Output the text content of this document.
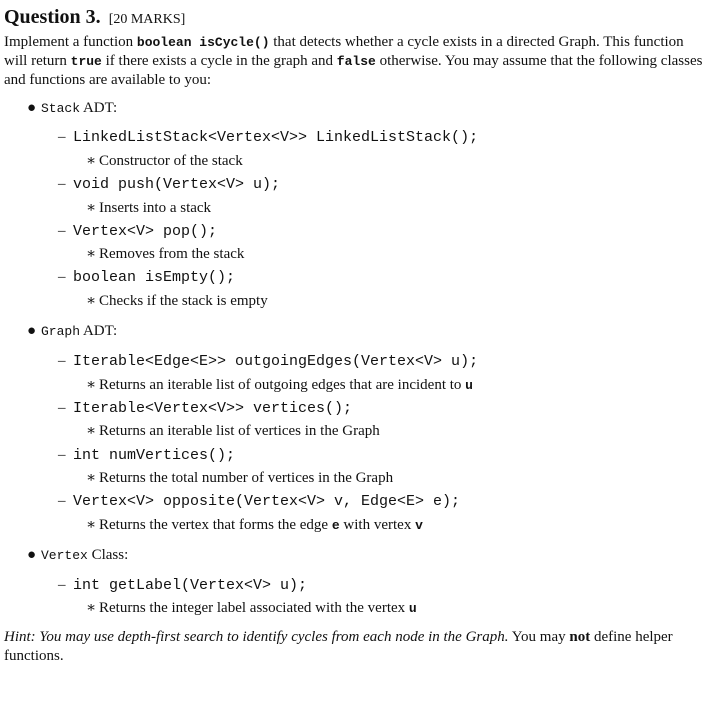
Question 3. [20 MARKS]
Implement a function boolean isCycle() that detects whether a cycle exists in a directed Graph. This function will return true if there exists a cycle in the graph and false otherwise. You may assume that the following classes and functions are available to you:
● Stack ADT:
– LinkedListStack<Vertex<V>> LinkedListStack();
∗ Constructor of the stack
– void push(Vertex<V> u);
∗ Inserts into a stack
– Vertex<V> pop();
∗ Removes from the stack
– boolean isEmpty();
∗ Checks if the stack is empty
● Graph ADT:
– Iterable<Edge<E>> outgoingEdges(Vertex<V> u);
∗ Returns an iterable list of outgoing edges that are incident to u
– Iterable<Vertex<V>> vertices();
∗ Returns an iterable list of vertices in the Graph
– int numVertices();
∗ Returns the total number of vertices in the Graph
– Vertex<V> opposite(Vertex<V> v, Edge<E> e);
∗ Returns the vertex that forms the edge e with vertex v
● Vertex Class:
– int getLabel(Vertex<V> u);
∗ Returns the integer label associated with the vertex u
Hint: You may use depth-first search to identify cycles from each node in the Graph. You may not define helper functions.
